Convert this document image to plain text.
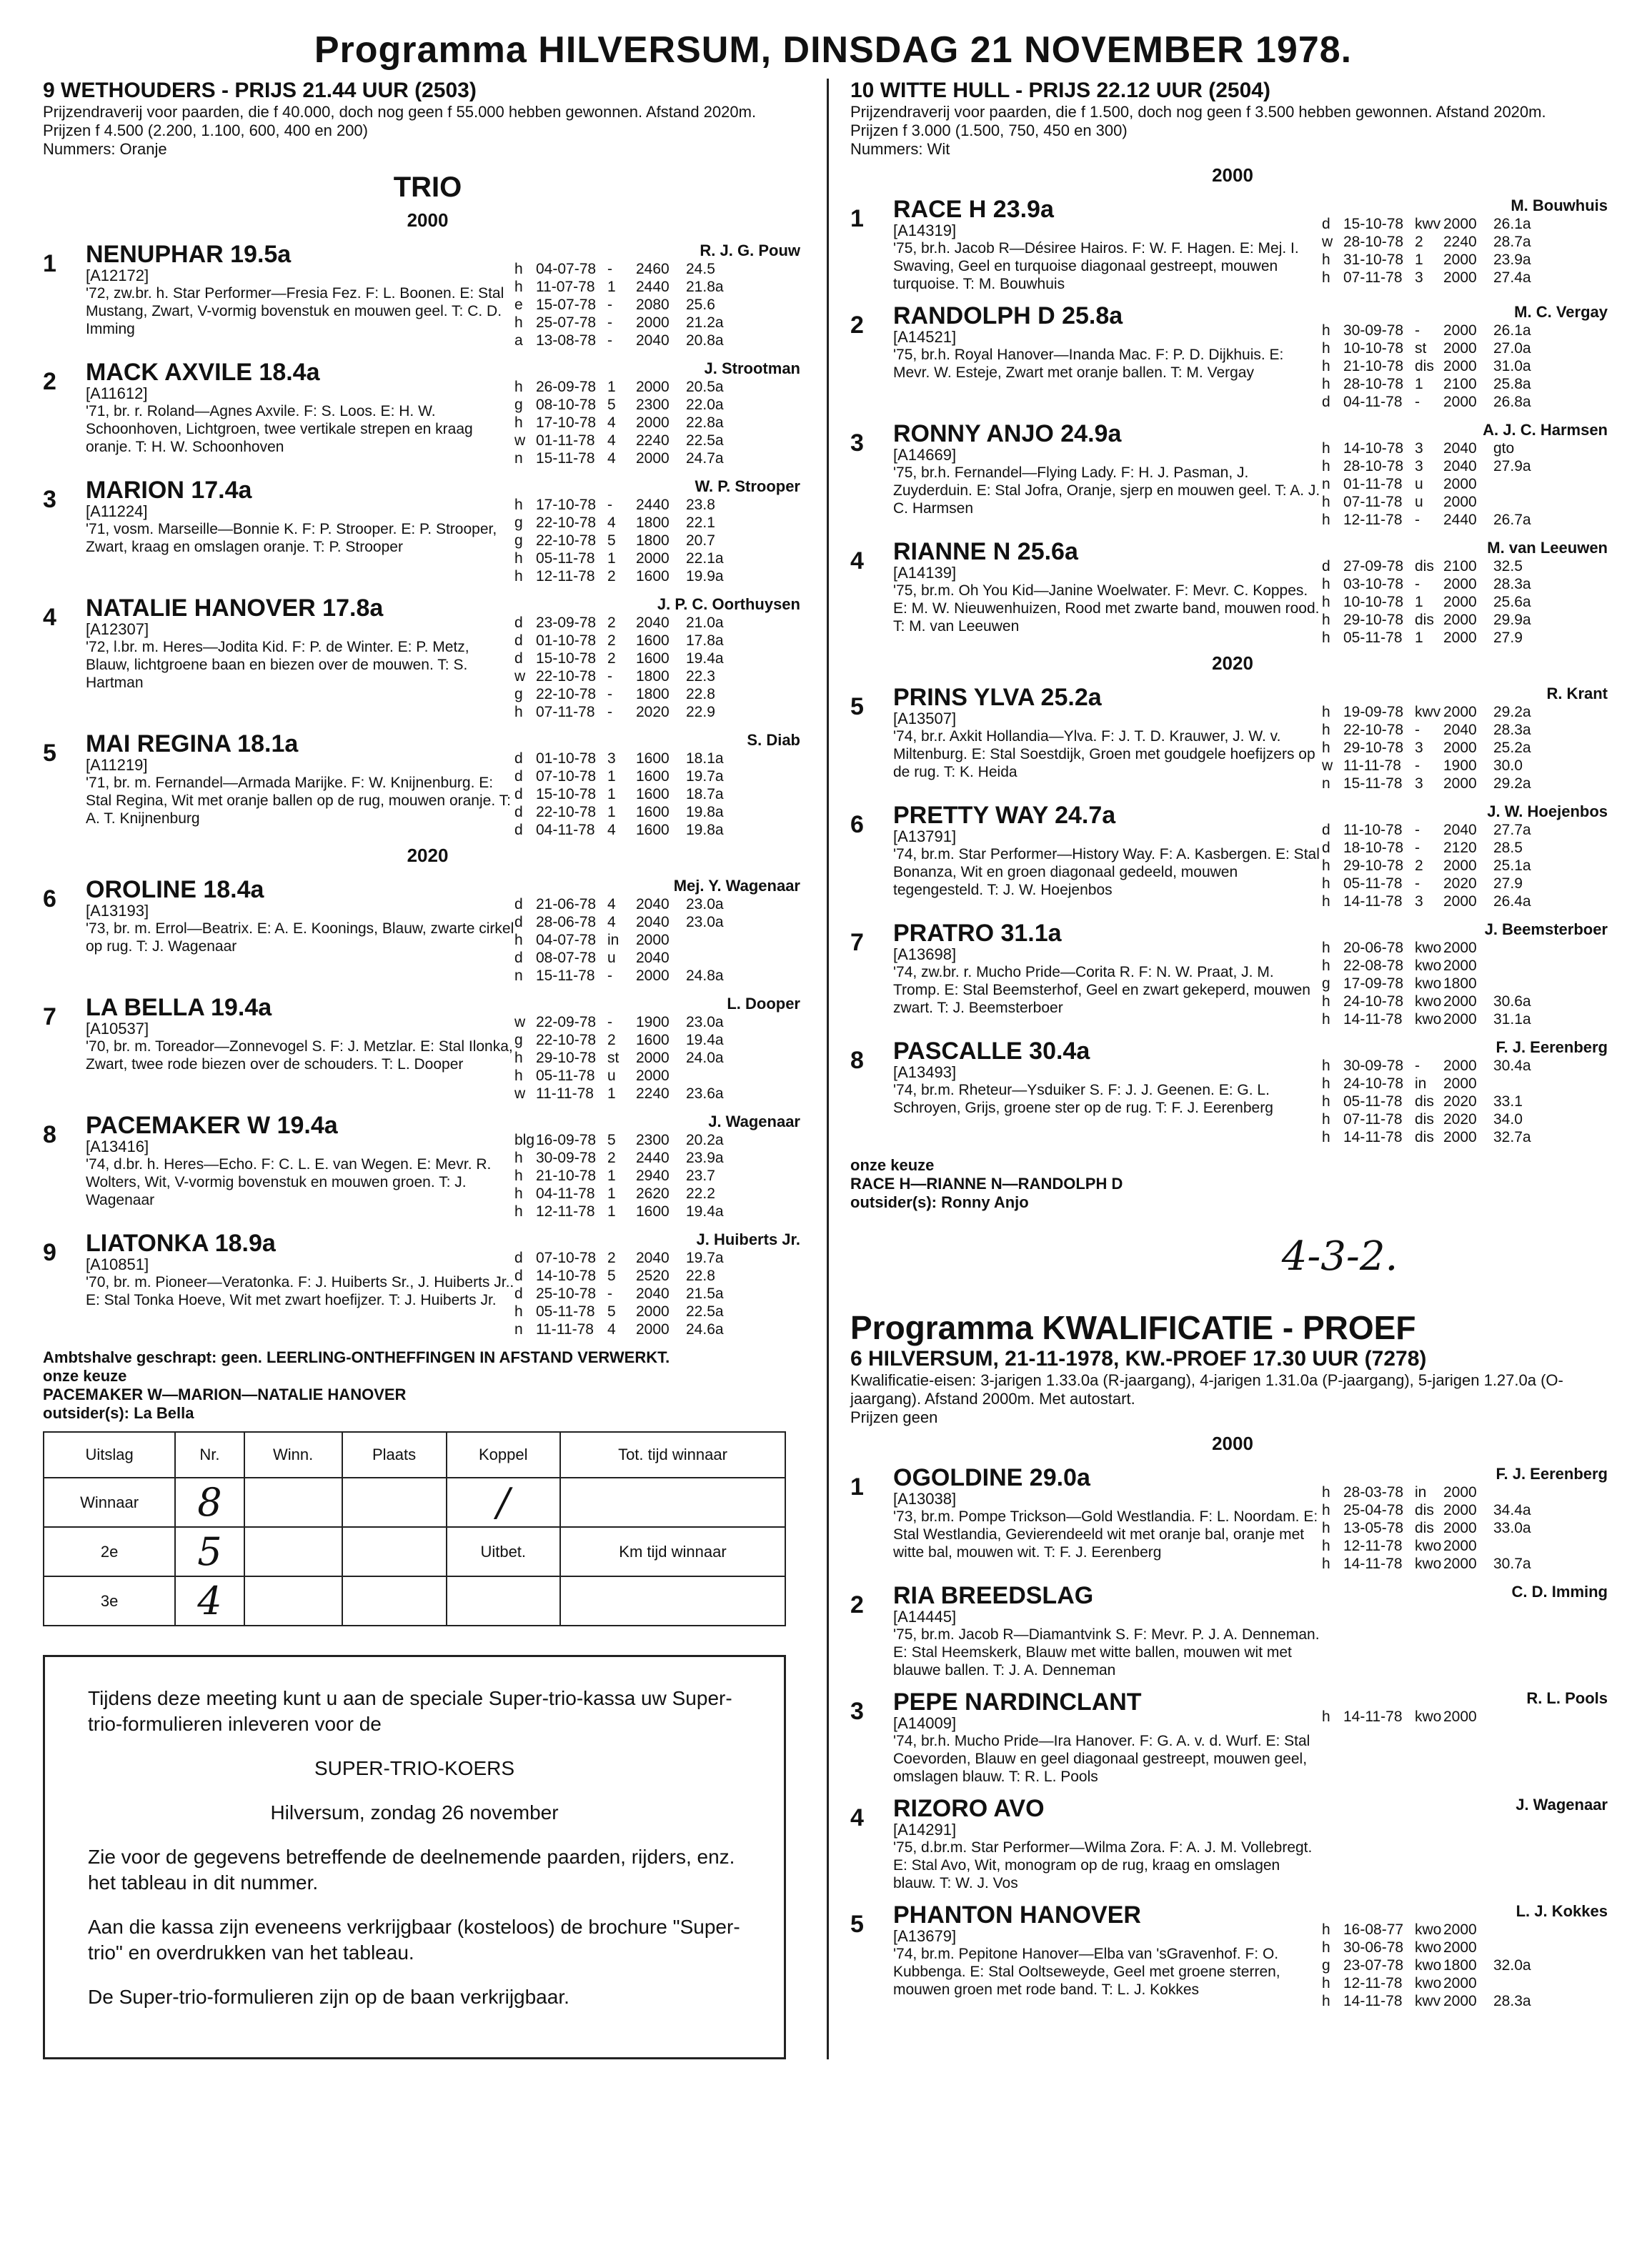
Programma HILVERSUM, DINSDAG 21 NOVEMBER 1978.
9 WETHOUDERS - PRIJS 21.44 UUR (2503)
Prijzendraverij voor paarden, die f 40.000, doch nog geen f 55.000 hebben gewonnen. Afstand 2020m.
Prijzen f 4.500 (2.200, 1.100, 600, 400 en 200)
Nummers: Oranje
TRIO
2000
1	NENUPHAR 19.5a
[A12172]
'72, zw.br. h. Star Performer—Fresia Fez. F: L. Boonen. E: Stal Mustang, Zwart, V-vormig bovenstuk en mouwen geel. T: C. D. Imming
R. J. G. Pouw
h 04-07-78 -	2460	24.5
h 11-07-78 1	2440	21.8a
e 15-07-78 -	2080	25.6
h 25-07-78 -	2000	21.2a
a 13-08-78 -	2040	20.8a
2	MACK AXVILE 18.4a
[A11612]
'71, br. r. Roland—Agnes Axvile. F: S. Loos. E: H. W. Schoonhoven, Lichtgroen, twee vertikale strepen en kraag oranje. T: H. W. Schoonhoven
J. Strootman
h 26-09-78 1	2000	20.5a
g 08-10-78 5	2300	22.0a
h 17-10-78 4	2000	22.8a
w 01-11-78 4	2240	22.5a
n 15-11-78 4	2000	24.7a
3	MARION 17.4a
[A11224]
'71, vosm. Marseille—Bonnie K. F: P. Strooper. E: P. Strooper, Zwart, kraag en omslagen oranje. T: P. Strooper
W. P. Strooper
h 17-10-78 -	2440	23.8
g 22-10-78 4	1800	22.1
g 22-10-78 5	1800	20.7
h 05-11-78 1	2000	22.1a
h 12-11-78 2	1600	19.9a
4	NATALIE HANOVER 17.8a
[A12307]
'72, l.br. m. Heres—Jodita Kid. F: P. de Winter. E: P. Metz, Blauw, lichtgroene baan en biezen over de mouwen. T: S. Hartman
J. P. C. Oorthuysen
d 23-09-78 2	2040	21.0a
d 01-10-78 2	1600	17.8a
d 15-10-78 2	1600	19.4a
w 22-10-78 -	1800	22.3
g 22-10-78 -	1800	22.8
h 07-11-78 -	2020	22.9
5	MAI REGINA 18.1a
[A11219]
'71, br. m. Fernandel—Armada Marijke. F: W. Knijnenburg. E: Stal Regina, Wit met oranje ballen op de rug, mouwen oranje. T: A. T. Knijnenburg
S. Diab
d 01-10-78 3	1600	18.1a
d 07-10-78 1	1600	19.7a
d 15-10-78 1	1600	18.7a
d 22-10-78 1	1600	19.8a
d 04-11-78 4	1600	19.8a
2020
6	OROLINE 18.4a
[A13193]
'73, br. m. Errol—Beatrix. E: A. E. Koonings, Blauw, zwarte cirkel op rug. T: J. Wagenaar
Mej. Y. Wagenaar
d 21-06-78 4	2040	23.0a
d 28-06-78 4	2040	23.0a
h 04-07-78 in	2000
d 08-07-78 u	2040
n 15-11-78 -	2000	24.8a
7	LA BELLA 19.4a
[A10537]
'70, br. m. Toreador—Zonnevogel S. F: J. Metzlar. E: Stal Ilonka, Zwart, twee rode biezen over de schouders. T: L. Dooper
L. Dooper
w 22-09-78 -	1900	23.0a
g 22-10-78 2	1600	19.4a
h 29-10-78 st	2000	24.0a
h 05-11-78 u	2000
w 11-11-78 1	2240	23.6a
8	PACEMAKER W 19.4a
[A13416]
'74, d.br. h. Heres—Echo. F: C. L. E. van Wegen. E: Mevr. R. Wolters, Wit, V-vormig bovenstuk en mouwen groen. T: J. Wagenaar
J. Wagenaar
blg 16-09-78 5	2300	20.2a
h 30-09-78 2	2440	23.9a
h 21-10-78 1	2940	23.7
h 04-11-78 1	2620	22.2
h 12-11-78 1	1600	19.4a
9	LIATONKA 18.9a
[A10851]
'70, br. m. Pioneer—Veratonka. F: J. Huiberts Sr., J. Huiberts Jr.. E: Stal Tonka Hoeve, Wit met zwart hoefijzer. T: J. Huiberts Jr.
J. Huiberts Jr.
d 07-10-78 2	2040	19.7a
d 14-10-78 5	2520	22.8
d 25-10-78 -	2040	21.5a
h 05-11-78 5	2000	22.5a
n 11-11-78 4	2000	24.6a
Ambtshalve geschrapt: geen. LEERLING-ONTHEFFINGEN IN AFSTAND VERWERKT.
onze keuze
PACEMAKER W—MARION—NATALIE HANOVER
outsider(s): La Bella
Uitslag	Nr.	Winn.	Plaats	Koppel	Tot. tijd winnaar
Winnaar	8			/	
2e	5			Uitbet.	Km tijd winnaar
3e	4				

Tijdens deze meeting kunt u aan de speciale Super-trio-kassa uw Super-trio-formulieren inleveren voor de

SUPER-TRIO-KOERS

Hilversum, zondag 26 november

Zie voor de gegevens betreffende de deelnemende paarden, rijders, enz. het tableau in dit nummer.

Aan die kassa zijn eveneens verkrijgbaar (kosteloos) de brochure "Super-trio" en overdrukken van het tableau.

De Super-trio-formulieren zijn op de baan verkrijgbaar.

10 WITTE HULL - PRIJS 22.12 UUR (2504)
Prijzendraverij voor paarden, die f 1.500, doch nog geen f 3.500 hebben gewonnen. Afstand 2020m.
Prijzen f 3.000 (1.500, 750, 450 en 300)
Nummers: Wit
2000
1	RACE H 23.9a
[A14319]
'75, br.h. Jacob R—Désiree Hairos. F: W. F. Hagen. E: Mej. I. Swaving, Geel en turquoise diagonaal gestreept, mouwen turquoise. T: M. Bouwhuis
M. Bouwhuis
d 15-10-78 kwv 2000	26.1a
w 28-10-78 2	2240	28.7a
h 31-10-78 1	2000	23.9a
h 07-11-78 3	2000	27.4a
2	RANDOLPH D 25.8a
[A14521]
'75, br.h. Royal Hanover—Inanda Mac. F: P. D. Dijkhuis. E: Mevr. W. Esteje, Zwart met oranje ballen. T: M. Vergay
M. C. Vergay
h 30-09-78 -	2000	26.1a
h 10-10-78 st	2000	27.0a
h 21-10-78 dis 2000	31.0a
h 28-10-78 1	2100	25.8a
d 04-11-78 -	2000	26.8a
3	RONNY ANJO 24.9a
[A14669]
'75, br.h. Fernandel—Flying Lady. F: H. J. Pasman, J. Zuyderduin. E: Stal Jofra, Oranje, sjerp en mouwen geel. T: A. J. C. Harmsen
A. J. C. Harmsen
h 14-10-78 3	2040	gto
h 28-10-78 3	2040	27.9a
n 01-11-78 u	2000
h 07-11-78 u	2000
h 12-11-78 -	2440	26.7a
4	RIANNE N 25.6a
[A14139]
'75, br.m. Oh You Kid—Janine Woelwater. F: Mevr. C. Koppes. E: M. W. Nieuwenhuizen, Rood met zwarte band, mouwen rood. T: M. van Leeuwen
M. van Leeuwen
d 27-09-78 dis 2100	32.5
h 03-10-78 -	2000	28.3a
h 10-10-78 1	2000	25.6a
h 29-10-78 dis 2000	29.9a
h 05-11-78 1	2000	27.9
2020
5	PRINS YLVA 25.2a
[A13507]
'74, br.r. Axkit Hollandia—Ylva. F: J. T. D. Krauwer, J. W. v. Miltenburg. E: Stal Soestdijk, Groen met goudgele hoefijzers op de rug. T: K. Heida
R. Krant
h 19-09-78 kwv 2000	29.2a
h 22-10-78 -	2040	28.3a
h 29-10-78 3	2000	25.2a
w 11-11-78 -	1900	30.0
n 15-11-78 3	2000	29.2a
6	PRETTY WAY 24.7a
[A13791]
'74, br.m. Star Performer—History Way. F: A. Kasbergen. E: Stal Bonanza, Wit en groen diagonaal gedeeld, mouwen tegengesteld. T: J. W. Hoejenbos
J. W. Hoejenbos
d 11-10-78 -	2040	27.7a
d 18-10-78 -	2120	28.5
h 29-10-78 2	2000	25.1a
h 05-11-78 -	2020	27.9
h 14-11-78 3	2000	26.4a
7	PRATRO 31.1a
[A13698]
'74, zw.br. r. Mucho Pride—Corita R. F: N. W. Praat, J. M. Tromp. E: Stal Beemsterhof, Geel en zwart gekeperd, mouwen zwart. T: J. Beemsterboer
J. Beemsterboer
h 20-06-78 kwo 2000
h 22-08-78 kwo 2000
g 17-09-78 kwo 1800
h 24-10-78 kwo 2000	30.6a
h 14-11-78 kwo 2000	31.1a
8	PASCALLE 30.4a
[A13493]
'74, br.m. Rheteur—Ysduiker S. F: J. J. Geenen. E: G. L. Schroyen, Grijs, groene ster op de rug. T: F. J. Eerenberg
F. J. Eerenberg
h 30-09-78 -	2000	30.4a
h 24-10-78 in	2000
h 05-11-78 dis 2020	33.1
h 07-11-78 dis 2020	34.0
h 14-11-78 dis 2000	32.7a
onze keuze
RACE H—RIANNE N—RANDOLPH D
outsider(s): Ronny Anjo
4-3-2.
Programma KWALIFICATIE - PROEF
6 HILVERSUM, 21-11-1978, KW.-PROEF 17.30 UUR (7278)
Kwalificatie-eisen: 3-jarigen 1.33.0a (R-jaargang), 4-jarigen 1.31.0a (P-jaargang), 5-jarigen 1.27.0a (O-jaargang). Afstand 2000m. Met autostart.
Prijzen geen
2000
1	OGOLDINE 29.0a
[A13038]
'73, br.m. Pompe Trickson—Gold Westlandia. F: L. Noordam. E: Stal Westlandia, Gevierendeeld wit met oranje bal, oranje met witte bal, mouwen wit. T: F. J. Eerenberg
F. J. Eerenberg
h 28-03-78 in	2000
h 25-04-78 dis 2000	34.4a
h 13-05-78 dis 2000	33.0a
h 12-11-78 kwo 2000
h 14-11-78 kwo 2000	30.7a
2	RIA BREEDSLAG
[A14445]
'75, br.m. Jacob R—Diamantvink S. F: Mevr. P. J. A. Denneman. E: Stal Heemskerk, Blauw met witte ballen, mouwen wit met blauwe ballen. T: J. A. Denneman
C. D. Imming
3	PEPE NARDINCLANT
[A14009]
'74, br.h. Mucho Pride—Ira Hanover. F: G. A. v. d. Wurf. E: Stal Coevorden, Blauw en geel diagonaal gestreept, mouwen geel, omslagen blauw. T: R. L. Pools
R. L. Pools
h 14-11-78 kwo 2000
4	RIZORO AVO
[A14291]
'75, d.br.m. Star Performer—Wilma Zora. F: A. J. M. Vollebregt. E: Stal Avo, Wit, monogram op de rug, kraag en omslagen blauw. T: W. J. Vos
J. Wagenaar
5	PHANTON HANOVER
[A13679]
'74, br.m. Pepitone Hanover—Elba van 'sGravenhof. F: O. Kubbenga. E: Stal Ooltseweyde, Geel met groene sterren, mouwen groen met rode band. T: L. J. Kokkes
L. J. Kokkes
h 16-08-77 kwo 2000
h 30-06-78 kwo 2000
g 23-07-78 kwo 1800	32.0a
h 12-11-78 kwo 2000
h 14-11-78 kwv 2000	28.3a
